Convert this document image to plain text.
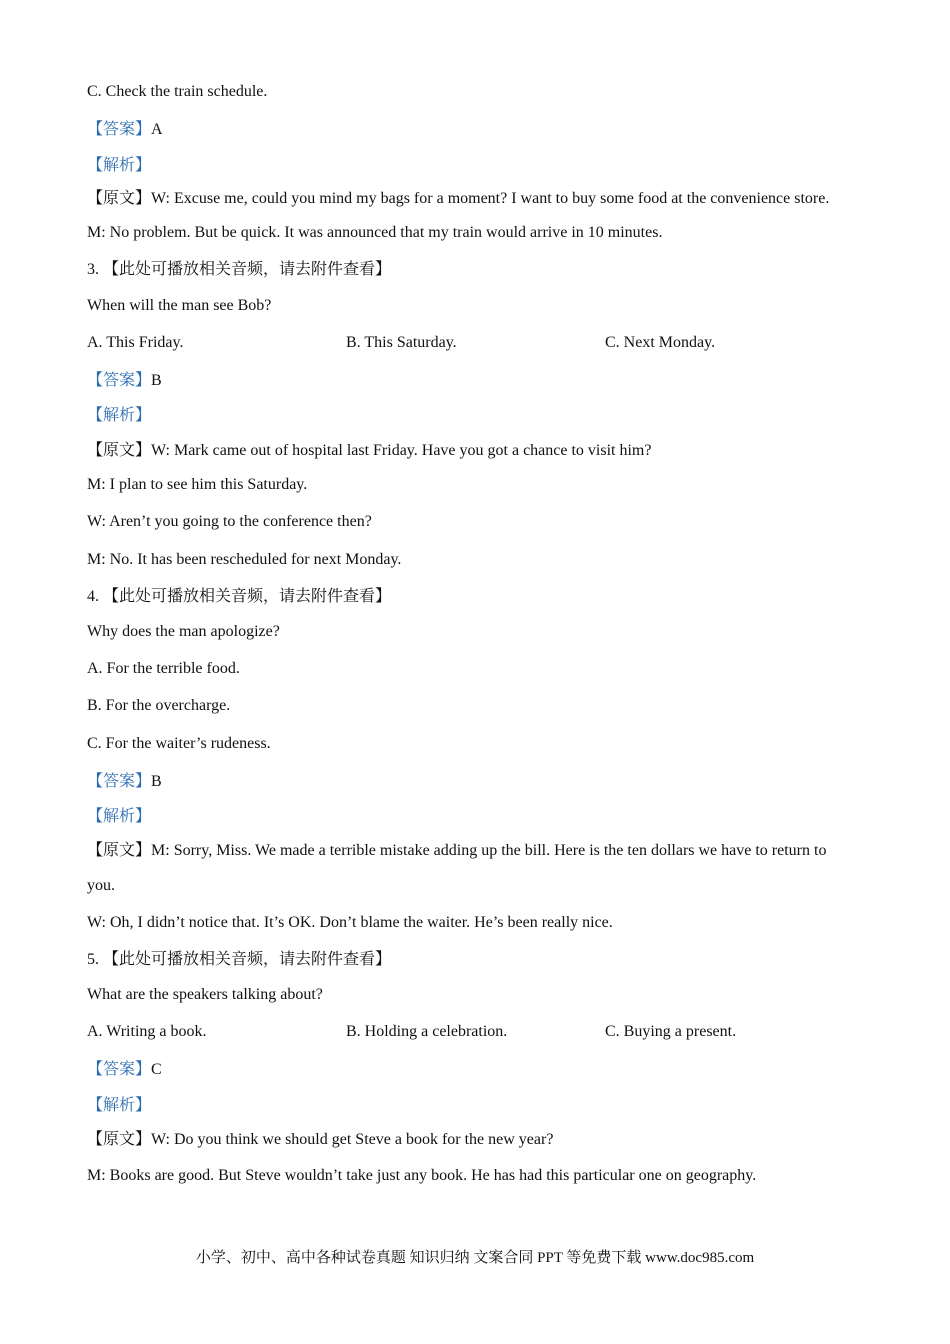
C. Check the train schedule.
【答案】A
【解析】
【原文】W: Excuse me, could you mind my bags for a moment? I want to buy some food at the convenience store.
M: No problem. But be quick. It was announced that my train would arrive in 10 minutes.
3. 【此处可播放相关音频，请去附件查看】
When will the man see Bob?
A. This Friday.	B. This Saturday.	C. Next Monday.
【答案】B
【解析】
【原文】W: Mark came out of hospital last Friday. Have you got a chance to visit him?
M: I plan to see him this Saturday.
W: Aren’t you going to the conference then?
M: No. It has been rescheduled for next Monday.
4. 【此处可播放相关音频，请去附件查看】
Why does the man apologize?
A. For the terrible food.
B. For the overcharge.
C. For the waiter’s rudeness.
【答案】B
【解析】
【原文】M: Sorry, Miss. We made a terrible mistake adding up the bill. Here is the ten dollars we have to return to
you.
W: Oh, I didn’t notice that. It’s OK. Don’t blame the waiter. He’s been really nice.
5. 【此处可播放相关音频，请去附件查看】
What are the speakers talking about?
A. Writing a book.	B. Holding a celebration.	C. Buying a present.
【答案】C
【解析】
【原文】W: Do you think we should get Steve a book for the new year?
M: Books are good. But Steve wouldn’t take just any book. He has had this particular one on geography.
小学、初中、高中各种试卷真题 知识归纳 文案合同 PPT 等免费下载 www.doc985.com
